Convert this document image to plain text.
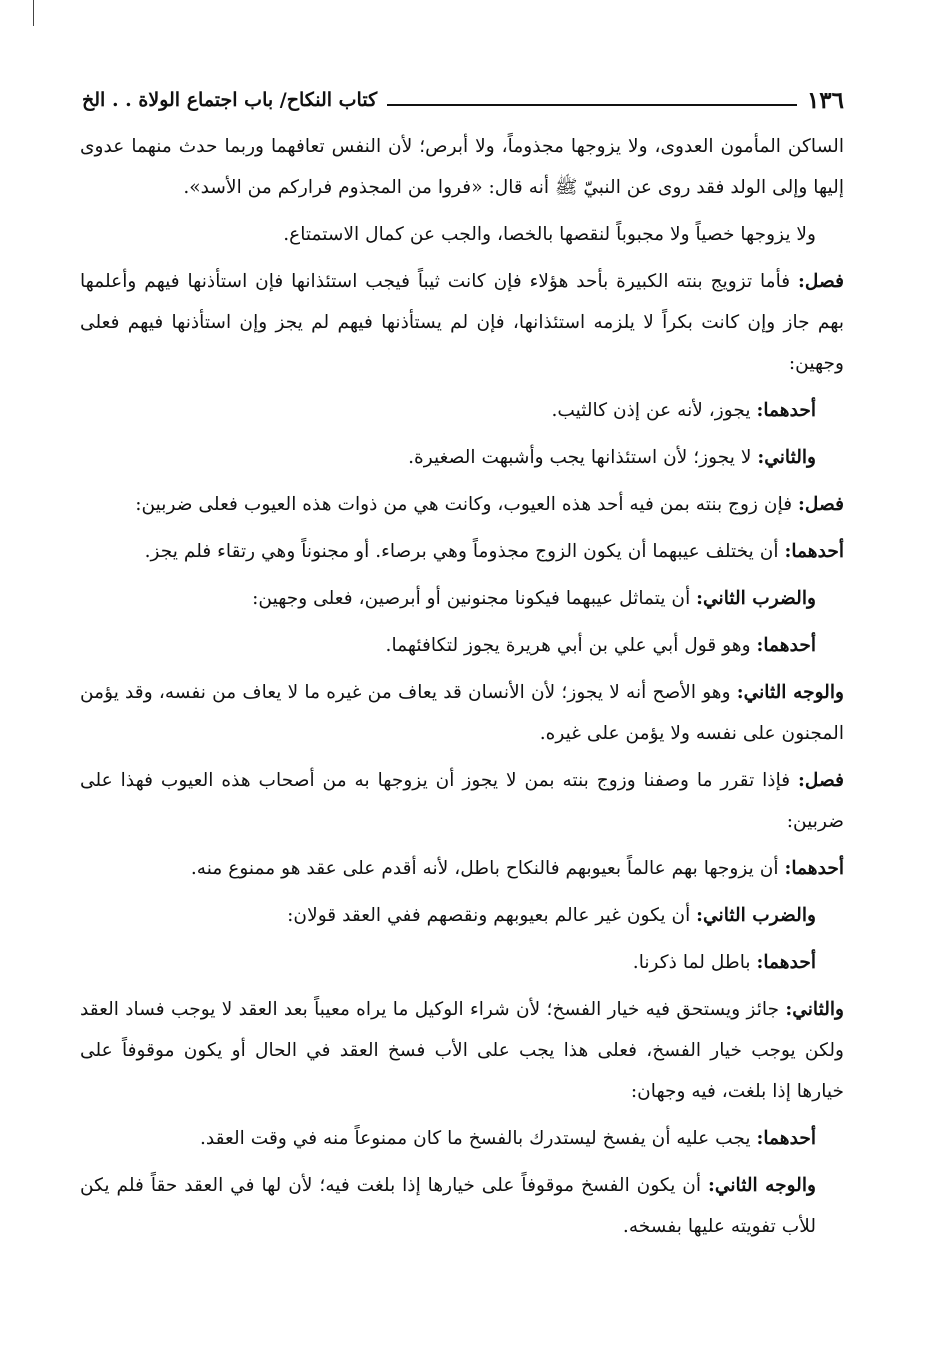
١٣٦
كتاب النكاح/ باب اجتماع الولاة . . الخ

الساكن المأمون العدوى، ولا يزوجها مجذوماً، ولا أبرص؛ لأن النفس تعافهما وربما حدث منهما عدوى إليها وإلى الولد فقد روى عن النبيّ ﷺ أنه قال: «فروا من المجذوم فراركم من الأسد».

ولا يزوجها خصياً ولا مجبوباً لنقصها بالخصا، والجب عن كمال الاستمتاع.

فصل: فأما تزويج بنته الكبيرة بأحد هؤلاء فإن كانت ثيباً فيجب استئذانها فإن استأذنها فيهم وأعلمها بهم جاز وإن كانت بكراً لا يلزمه استئذانها، فإن لم يستأذنها فيهم لم يجز وإن استأذنها فيهم فعلى وجهين:

أحدهما: يجوز، لأنه عن إذن كالثيب.

والثاني: لا يجوز؛ لأن استئذانها يجب وأشبهت الصغيرة.

فصل: فإن زوج بنته بمن فيه أحد هذه العيوب، وكانت هي من ذوات هذه العيوب فعلى ضربين:

أحدهما: أن يختلف عيبهما أن يكون الزوج مجذوماً وهي برصاء. أو مجنوناً وهي رتقاء فلم يجز.

والضرب الثاني: أن يتماثل عيبهما فيكونا مجنونين أو أبرصين، فعلى وجهين:

أحدهما: وهو قول أبي علي بن أبي هريرة يجوز لتكافئهما.

والوجه الثاني: وهو الأصح أنه لا يجوز؛ لأن الأنسان قد يعاف من غيره ما لا يعاف من نفسه، وقد يؤمن المجنون على نفسه ولا يؤمن على غيره.

فصل: فإذا تقرر ما وصفنا وزوج بنته بمن لا يجوز أن يزوجها به من أصحاب هذه العيوب فهذا على ضربين:

أحدهما: أن يزوجها بهم عالماً بعيوبهم فالنكاح باطل، لأنه أقدم على عقد هو ممنوع منه.

والضرب الثاني: أن يكون غير عالم بعيوبهم ونقصهم ففي العقد قولان:

أحدهما: باطل لما ذكرنا.

والثاني: جائز ويستحق فيه خيار الفسخ؛ لأن شراء الوكيل ما يراه معيباً بعد العقد لا يوجب فساد العقد ولكن يوجب خيار الفسخ، فعلى هذا يجب على الأب فسخ العقد في الحال أو يكون موقوفاً على خيارها إذا بلغت، فيه وجهان:

أحدهما: يجب عليه أن يفسخ ليستدرك بالفسخ ما كان ممنوعاً منه في وقت العقد.

والوجه الثاني: أن يكون الفسخ موقوفاً على خيارها إذا بلغت فيه؛ لأن لها في العقد حقاً فلم يكن للأب تفويته عليها بفسخه.
